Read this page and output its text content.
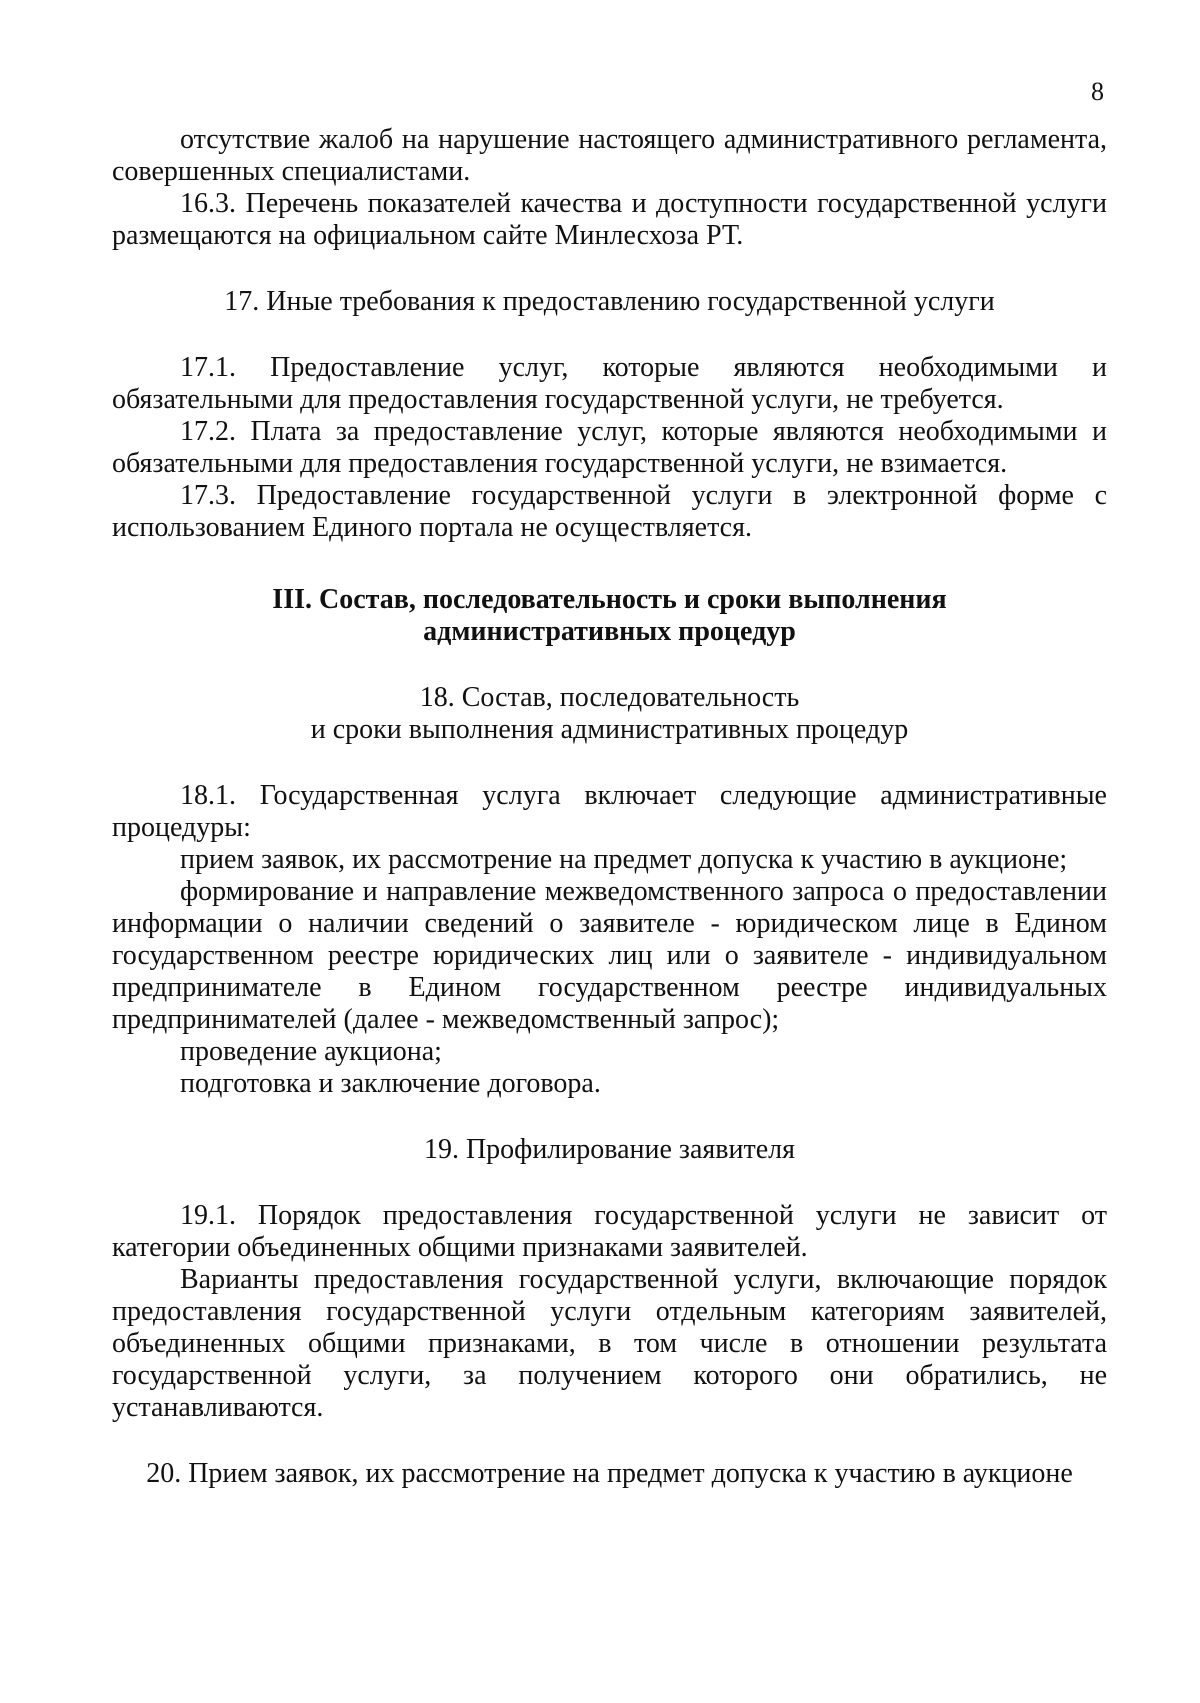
8

отсутствие жалоб на нарушение настоящего административного регламента, совершенных специалистами.

16.3. Перечень показателей качества и доступности государственной услуги размещаются на официальном сайте Минлесхоза РТ.

17. Иные требования к предоставлению государственной услуги

17.1. Предоставление услуг, которые являются необходимыми и обязательными для предоставления государственной услуги, не требуется.

17.2. Плата за предоставление услуг, которые являются необходимыми и обязательными для предоставления государственной услуги, не взимается.

17.3. Предоставление государственной услуги в электронной форме с использованием Единого портала не осуществляется.

III. Состав, последовательность и сроки выполнения

административных процедур

18. Состав, последовательность

и сроки выполнения административных процедур

18.1. Государственная услуга включает следующие административные процедуры:

прием заявок, их рассмотрение на предмет допуска к участию в аукционе;

формирование и направление межведомственного запроса о предоставлении информации о наличии сведений о заявителе - юридическом лице в Едином государственном реестре юридических лиц или о заявителе - индивидуальном предпринимателе в Едином государственном реестре индивидуальных предпринимателей (далее - межведомственный запрос);

проведение аукциона;

подготовка и заключение договора.

19. Профилирование заявителя

19.1. Порядок предоставления государственной услуги не зависит от категории объединенных общими признаками заявителей.

Варианты предоставления государственной услуги, включающие порядок предоставления государственной услуги отдельным категориям заявителей, объединенных общими признаками, в том числе в отношении результата государственной услуги, за получением которого они обратились, не устанавливаются.

20. Прием заявок, их рассмотрение на предмет допуска к участию в аукционе
